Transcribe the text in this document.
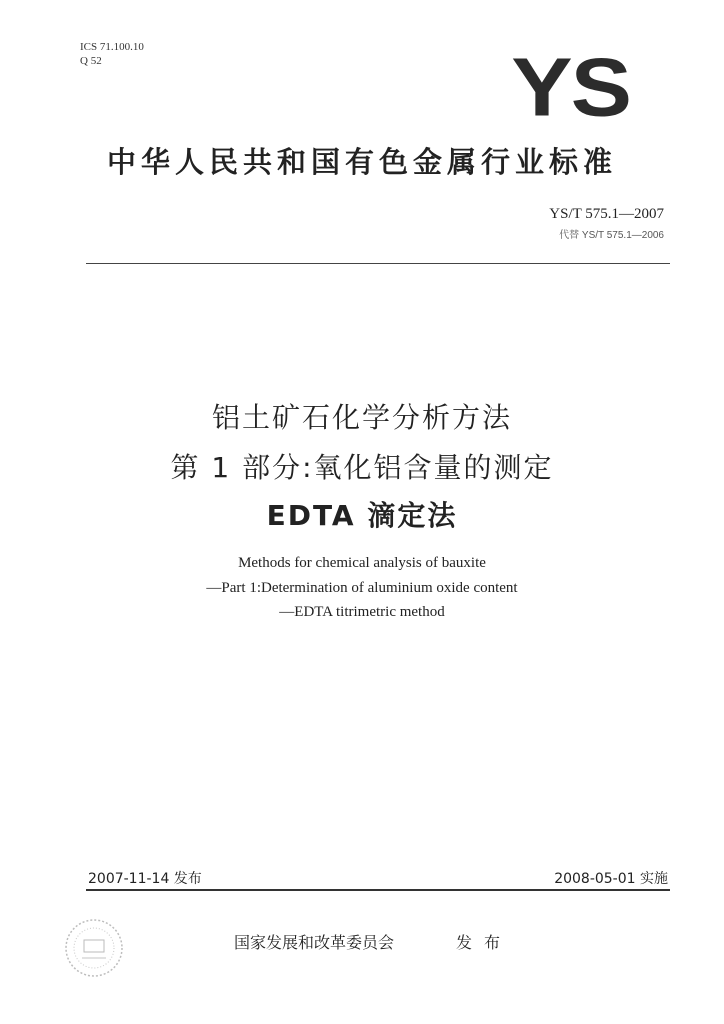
ICS 71.100.10
Q 52	YS
中华人民共和国有色金属行业标准
YS/T 575.1—2007
代替 YS/T 575.1—2006
铝土矿石化学分析方法
第 1 部分:氧化铝含量的测定
EDTA 滴定法
Methods for chemical analysis of bauxite
—Part 1:Determination of aluminium oxide content
—EDTA titrimetric method
2007-11-14 发布	2008-05-01 实施
国家发展和改革委员会	发布
